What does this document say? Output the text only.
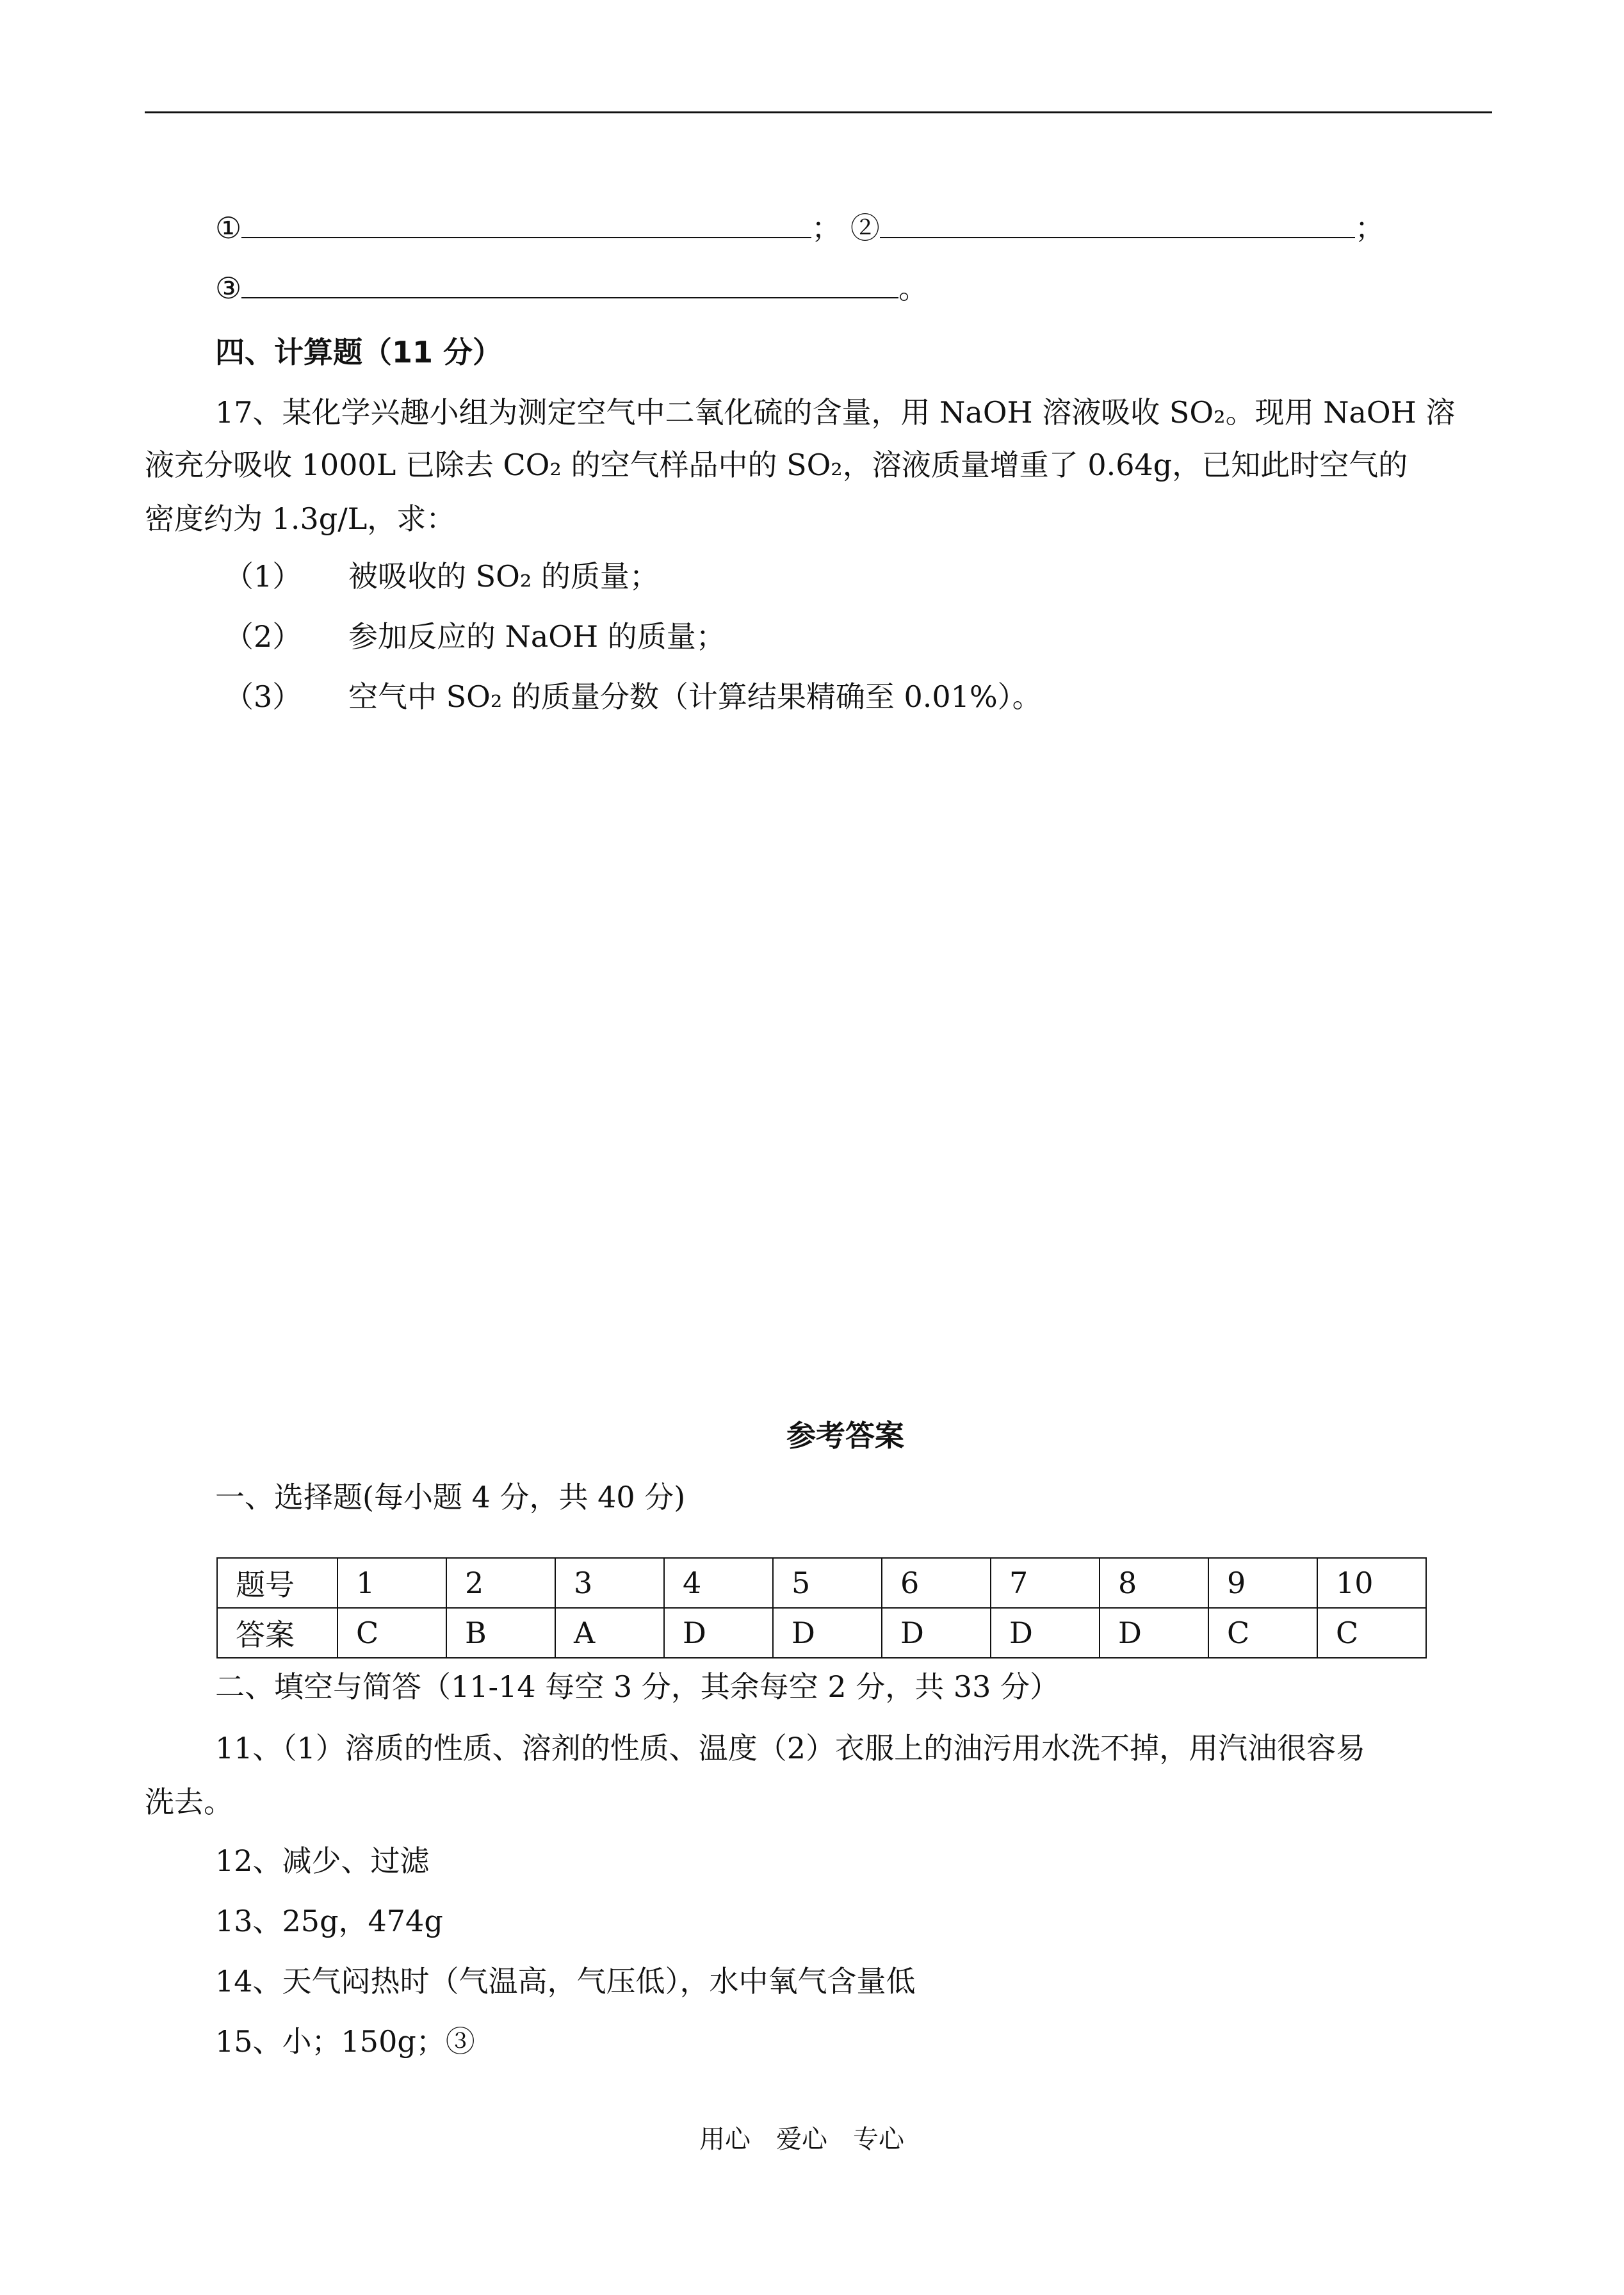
①	； ②	；
③	。
四、计算题（11 分）
17、某化学兴趣小组为测定空气中二氧化硫的含量，用 NaOH 溶液吸收 SO₂。现用 NaOH 溶
液充分吸收 1000L 已除去 CO₂ 的空气样品中的 SO₂，溶液质量增重了 0.64g，已知此时空气的
密度约为 1.3g/L，求：
（1） 被吸收的 SO₂ 的质量；
（2） 参加反应的 NaOH 的质量；
（3） 空气中 SO₂ 的质量分数（计算结果精确至 0.01%）。
参考答案
一、选择题(每小题 4 分，共 40 分)
题号	1	2	3	4	5	6	7	8	9	10
答案	C	B	A	D	D	D	D	D	C	C
二、填空与简答（11-14 每空 3 分，其余每空 2 分，共 33 分）
11、（1）溶质的性质、溶剂的性质、温度（2）衣服上的油污用水洗不掉，用汽油很容易
洗去。
12、减少、过滤
13、25g，474g
14、天气闷热时（气温高，气压低），水中氧气含量低
15、小；150g；③
用心　爱心　专心
